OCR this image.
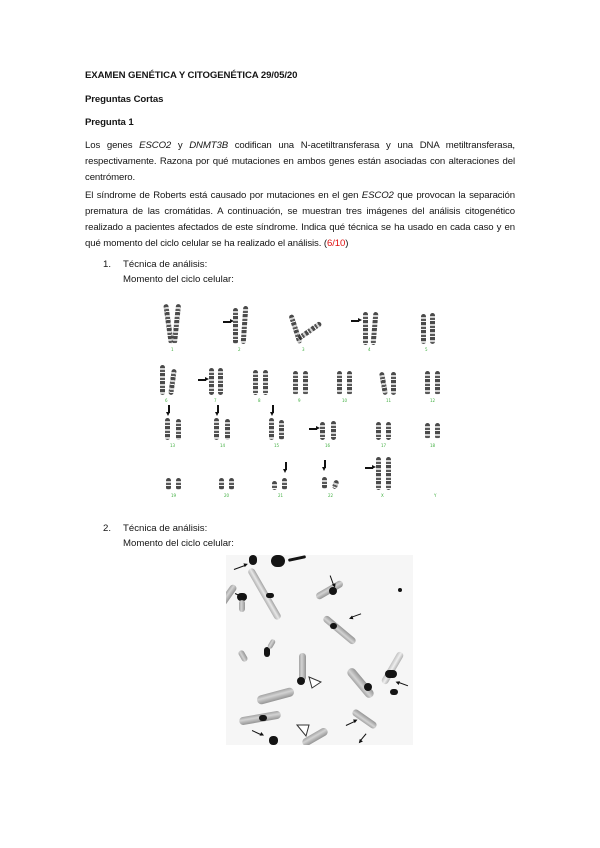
EXAMEN GENÉTICA Y CITOGENÉTICA 29/05/20
Preguntas Cortas
Pregunta 1
Los genes ESCO2 y DNMT3B codifican una N-acetiltransferasa y una DNA metiltransferasa, respectivamente. Razona por qué mutaciones en ambos genes están asociadas con alteraciones del centrómero.
El síndrome de Roberts está causado por mutaciones en el gen ESCO2 que provocan la separación prematura de las cromátidas. A continuación, se muestran tres imágenes del análisis citogenético realizado a pacientes afectados de este síndrome. Indica qué técnica se ha usado en cada caso y en qué momento del ciclo celular se ha realizado el análisis. (6/10)
1. Técnica de análisis:
Momento del ciclo celular:
1	2	3	4	5
6	7	8	9	10	11	12
13	14	15	16	17	18
19	20	21	22	X	Y
2. Técnica de análisis:
Momento del ciclo celular:
